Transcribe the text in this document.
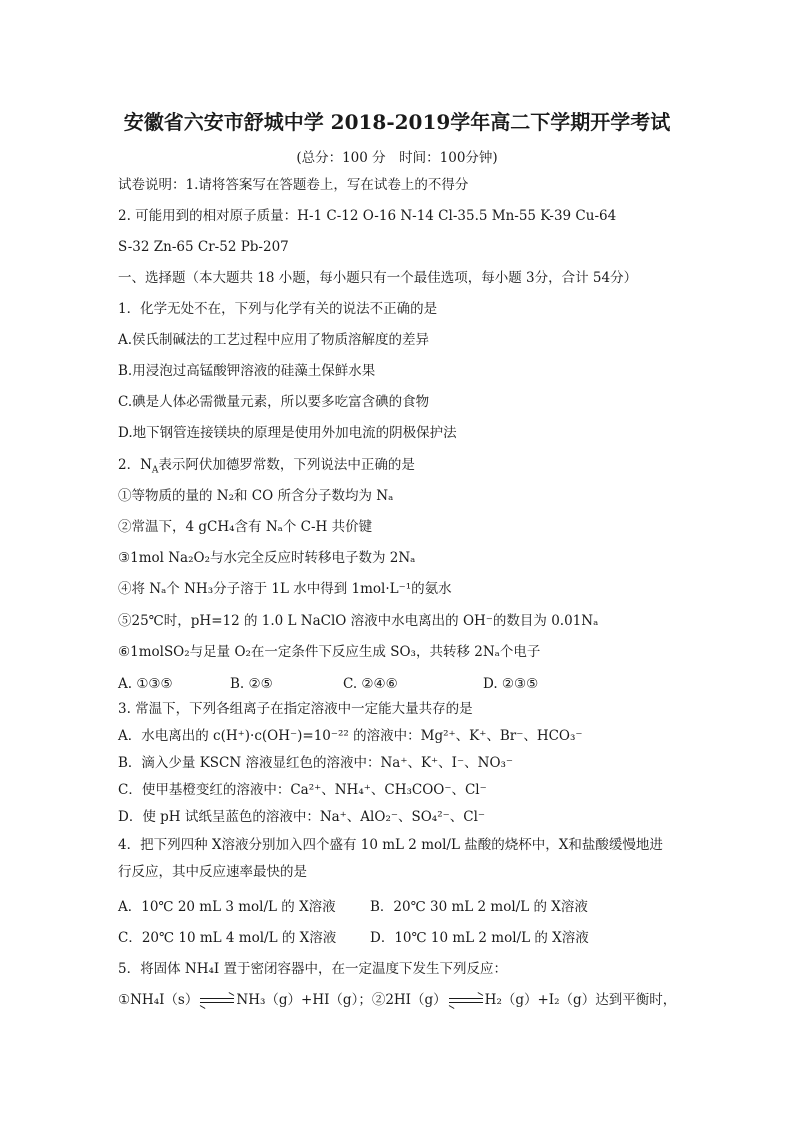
安徽省六安市舒城中学 2018-2019学年高二下学期开学考试
(总分：100 分　时间：100分钟)
试卷说明：1.请将答案写在答题卷上，写在试卷上的不得分
2. 可能用到的相对原子质量：H-1 C-12 O-16 N-14 Cl-35.5 Mn-55 K-39 Cu-64
S-32 Zn-65 Cr-52 Pb-207
一、选择题（本大题共 18 小题，每小题只有一个最佳选项，每小题 3分，合计 54分）
1．化学无处不在，下列与化学有关的说法不正确的是
A.侯氏制碱法的工艺过程中应用了物质溶解度的差异
B.用浸泡过高锰酸钾溶液的硅藻土保鲜水果
C.碘是人体必需微量元素，所以要多吃富含碘的食物
D.地下钢管连接镁块的原理是使用外加电流的阴极保护法
2．$N_A$表示阿伏加德罗常数，下列说法中正确的是
①等物质的量的 N₂和 CO 所含分子数均为 Nₐ
②常温下，4 gCH₄含有 Nₐ个 C-H 共价键
③1mol Na₂O₂与水完全反应时转移电子数为 2Nₐ
④将 Nₐ个 NH₃分子溶于 1L 水中得到 1mol·L⁻¹的氨水
⑤25℃时，pH=12 的 1.0 L NaClO 溶液中水电离出的 OH⁻的数目为 0.01Nₐ
⑥1molSO₂与足量 O₂在一定条件下反应生成 SO₃，共转移 2Nₐ个电子
A. ①③⑤	B. ②⑤	C. ②④⑥	D. ②③⑤
3. 常温下，下列各组离子在指定溶液中一定能大量共存的是
A．水电离出的 c(H⁺)·c(OH⁻)=10⁻²² 的溶液中：Mg²⁺、K⁺、Br⁻、HCO₃⁻
B．滴入少量 KSCN 溶液显红色的溶液中：Na⁺、K⁺、I⁻、NO₃⁻
C．使甲基橙变红的溶液中：Ca²⁺、NH₄⁺、CH₃COO⁻、Cl⁻
D．使 pH 试纸呈蓝色的溶液中：Na⁺、AlO₂⁻、SO₄²⁻、Cl⁻
4．把下列四种 X溶液分别加入四个盛有 10 mL 2 mol/L 盐酸的烧杯中，X和盐酸缓慢地进
行反应，其中反应速率最快的是
A．10℃ 20 mL 3 mol/L 的 X溶液	B．20℃ 30 mL 2 mol/L 的 X溶液
C．20℃ 10 mL 4 mol/L 的 X溶液 D．10℃ 10 mL 2 mol/L 的 X溶液
5．将固体 NH₄I 置于密闭容器中，在一定温度下发生下列反应：
①NH₄I（s）	NH₃（g）+HI（g）；②2HI（g）	H₂（g）+I₂（g）达到平衡时，
